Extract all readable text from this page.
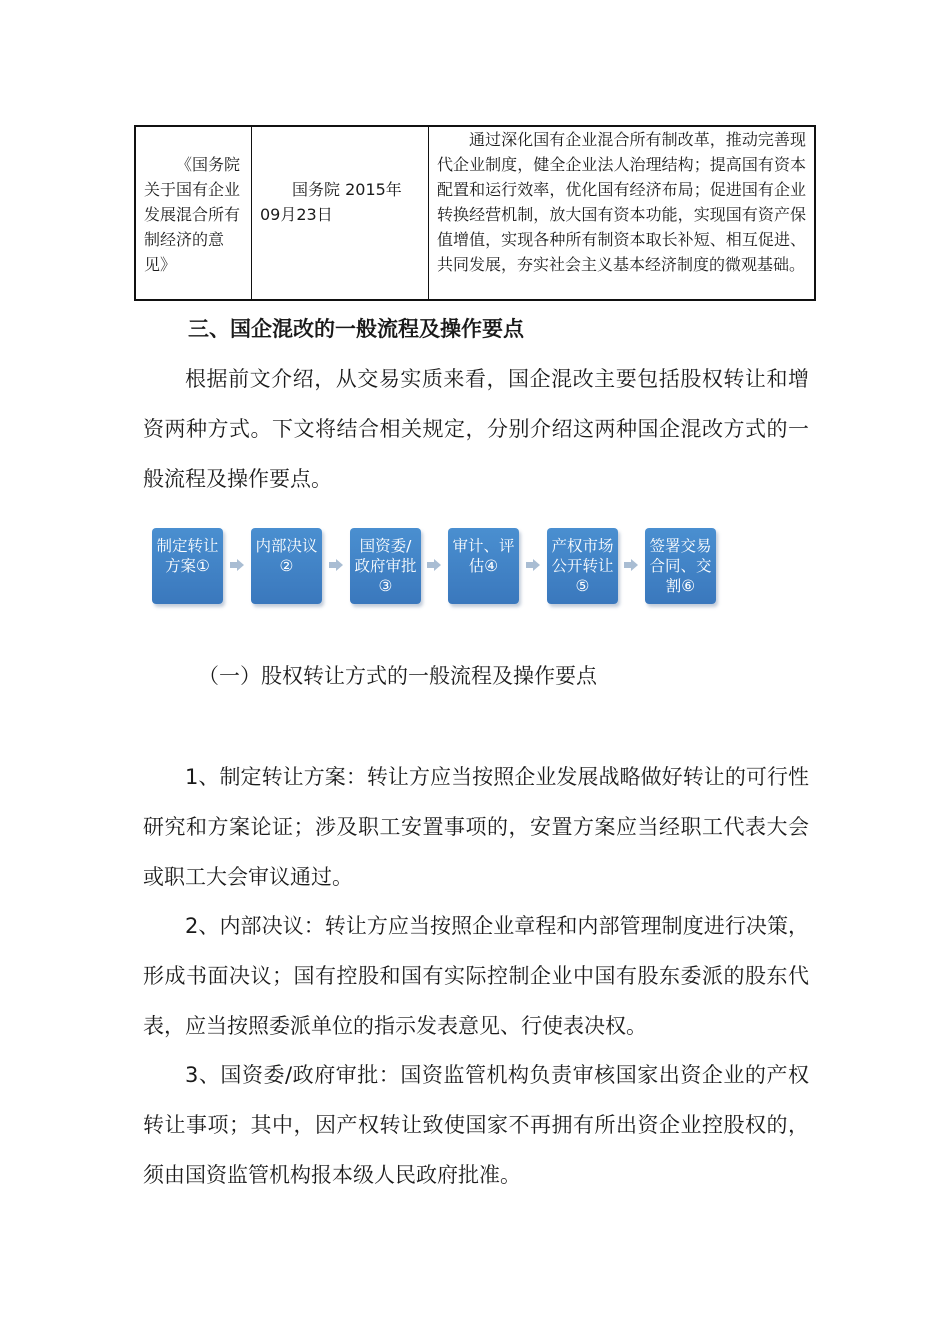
《国务院关于国有企业发展混合所有制经济的意见》
国务院 2015年09月23日
通过深化国有企业混合所有制改革，推动完善现代企业制度，健全企业法人治理结构；提高国有资本配置和运行效率，优化国有经济布局；促进国有企业转换经营机制，放大国有资本功能，实现国有资产保值增值，实现各种所有制资本取长补短、相互促进、共同发展，夯实社会主义基本经济制度的微观基础。
三、国企混改的一般流程及操作要点

根据前文介绍，从交易实质来看，国企混改主要包括股权转让和增资两种方式。下文将结合相关规定，分别介绍这两种国企混改方式的一般流程及操作要点。

制定转让方案①
内部决议②
国资委/政府审批③
审计、评估④
产权市场公开转让⑤
签署交易合同、交割⑥

（一）股权转让方式的一般流程及操作要点

1、制定转让方案：转让方应当按照企业发展战略做好转让的可行性研究和方案论证；涉及职工安置事项的，安置方案应当经职工代表大会或职工大会审议通过。

2、内部决议：转让方应当按照企业章程和内部管理制度进行决策，形成书面决议；国有控股和国有实际控制企业中国有股东委派的股东代表，应当按照委派单位的指示发表意见、行使表决权。

3、国资委/政府审批：国资监管机构负责审核国家出资企业的产权转让事项；其中，因产权转让致使国家不再拥有所出资企业控股权的，须由国资监管机构报本级人民政府批准。
